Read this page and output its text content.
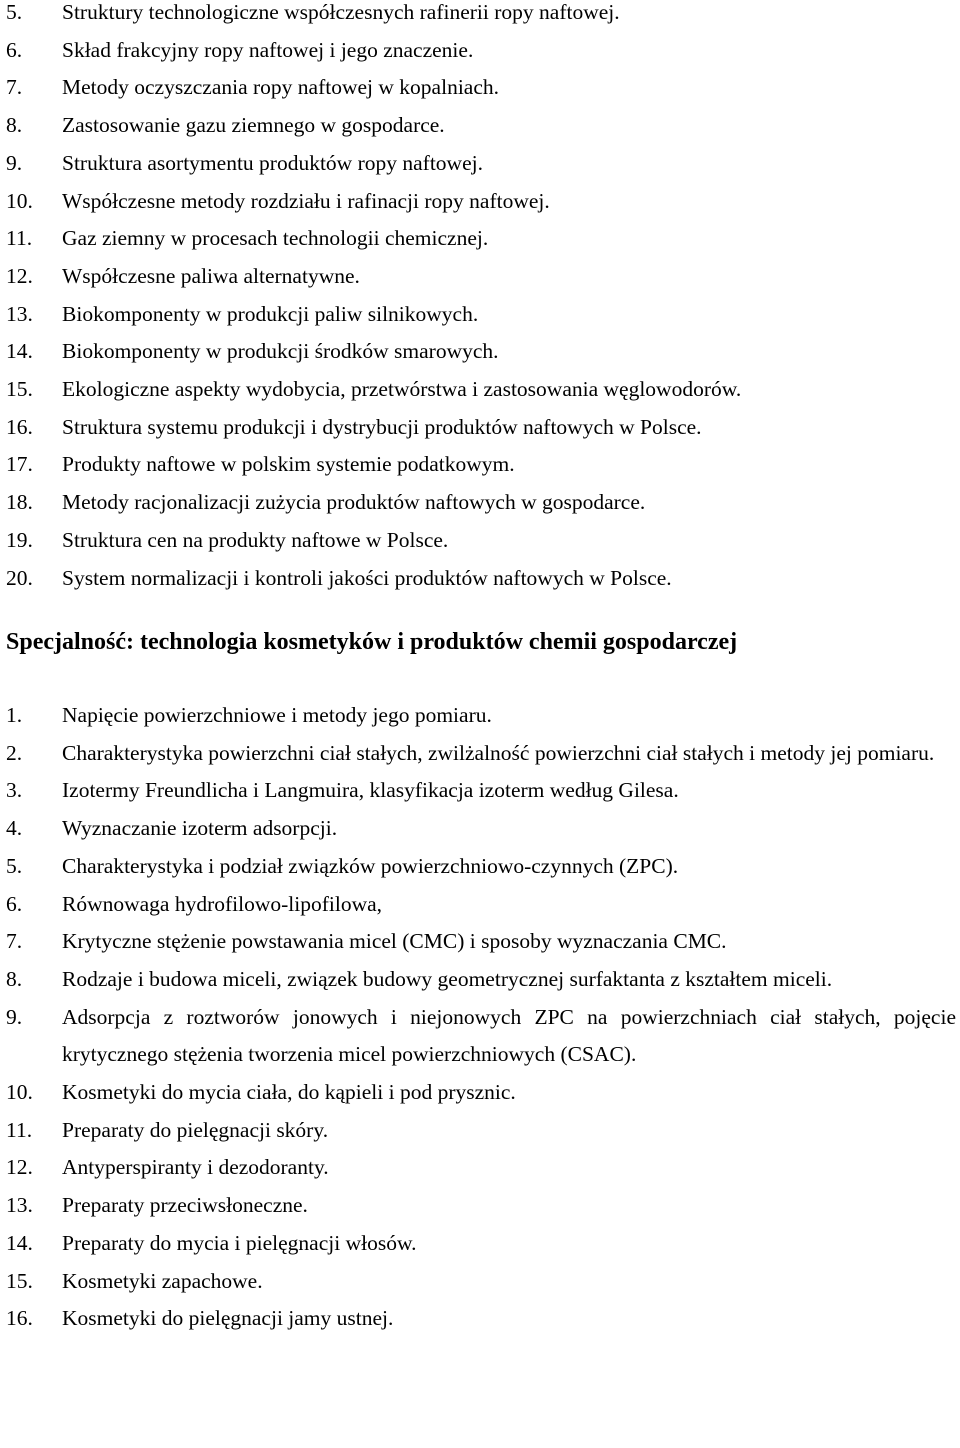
5.	Struktury technologiczne współczesnych rafinerii ropy naftowej.
6.	Skład frakcyjny ropy naftowej i jego znaczenie.
7.	Metody oczyszczania ropy naftowej w kopalniach.
8.	Zastosowanie gazu ziemnego w gospodarce.
9.	Struktura asortymentu produktów ropy naftowej.
10.	Współczesne metody rozdziału i rafinacji ropy naftowej.
11.	Gaz ziemny w procesach technologii chemicznej.
12.	Współczesne paliwa alternatywne.
13.	Biokomponenty w produkcji paliw silnikowych.
14.	Biokomponenty w produkcji środków smarowych.
15.	Ekologiczne aspekty wydobycia, przetwórstwa i zastosowania węglowodorów.
16.	Struktura systemu produkcji i dystrybucji produktów naftowych w Polsce.
17.	Produkty naftowe w polskim systemie podatkowym.
18.	Metody racjonalizacji zużycia produktów naftowych w gospodarce.
19.	Struktura cen na produkty naftowe w Polsce.
20.	System normalizacji i kontroli jakości produktów naftowych w Polsce.
Specjalność: technologia kosmetyków i produktów chemii gospodarczej
1.	Napięcie powierzchniowe i metody jego pomiaru.
2.	Charakterystyka powierzchni ciał stałych, zwilżalność powierzchni ciał stałych i metody jej pomiaru.
3.	Izotermy Freundlicha i Langmuira, klasyfikacja izoterm według Gilesa.
4.	Wyznaczanie izoterm adsorpcji.
5.	Charakterystyka i podział związków powierzchniowo-czynnych (ZPC).
6.	Równowaga hydrofilowo-lipofilowa,
7.	Krytyczne stężenie powstawania micel (CMC) i sposoby wyznaczania CMC.
8.	Rodzaje i budowa miceli, związek budowy geometrycznej surfaktanta z kształtem miceli.
9.	Adsorpcja z roztworów jonowych i niejonowych ZPC na powierzchniach ciał stałych, pojęcie krytycznego stężenia tworzenia micel powierzchniowych (CSAC).
10.	Kosmetyki do mycia ciała, do kąpieli i pod prysznic.
11.	Preparaty do pielęgnacji skóry.
12.	Antyperspiranty i dezodoranty.
13.	Preparaty przeciwsłoneczne.
14.	Preparaty do mycia i pielęgnacji włosów.
15.	Kosmetyki zapachowe.
16.	Kosmetyki do pielęgnacji jamy ustnej.
